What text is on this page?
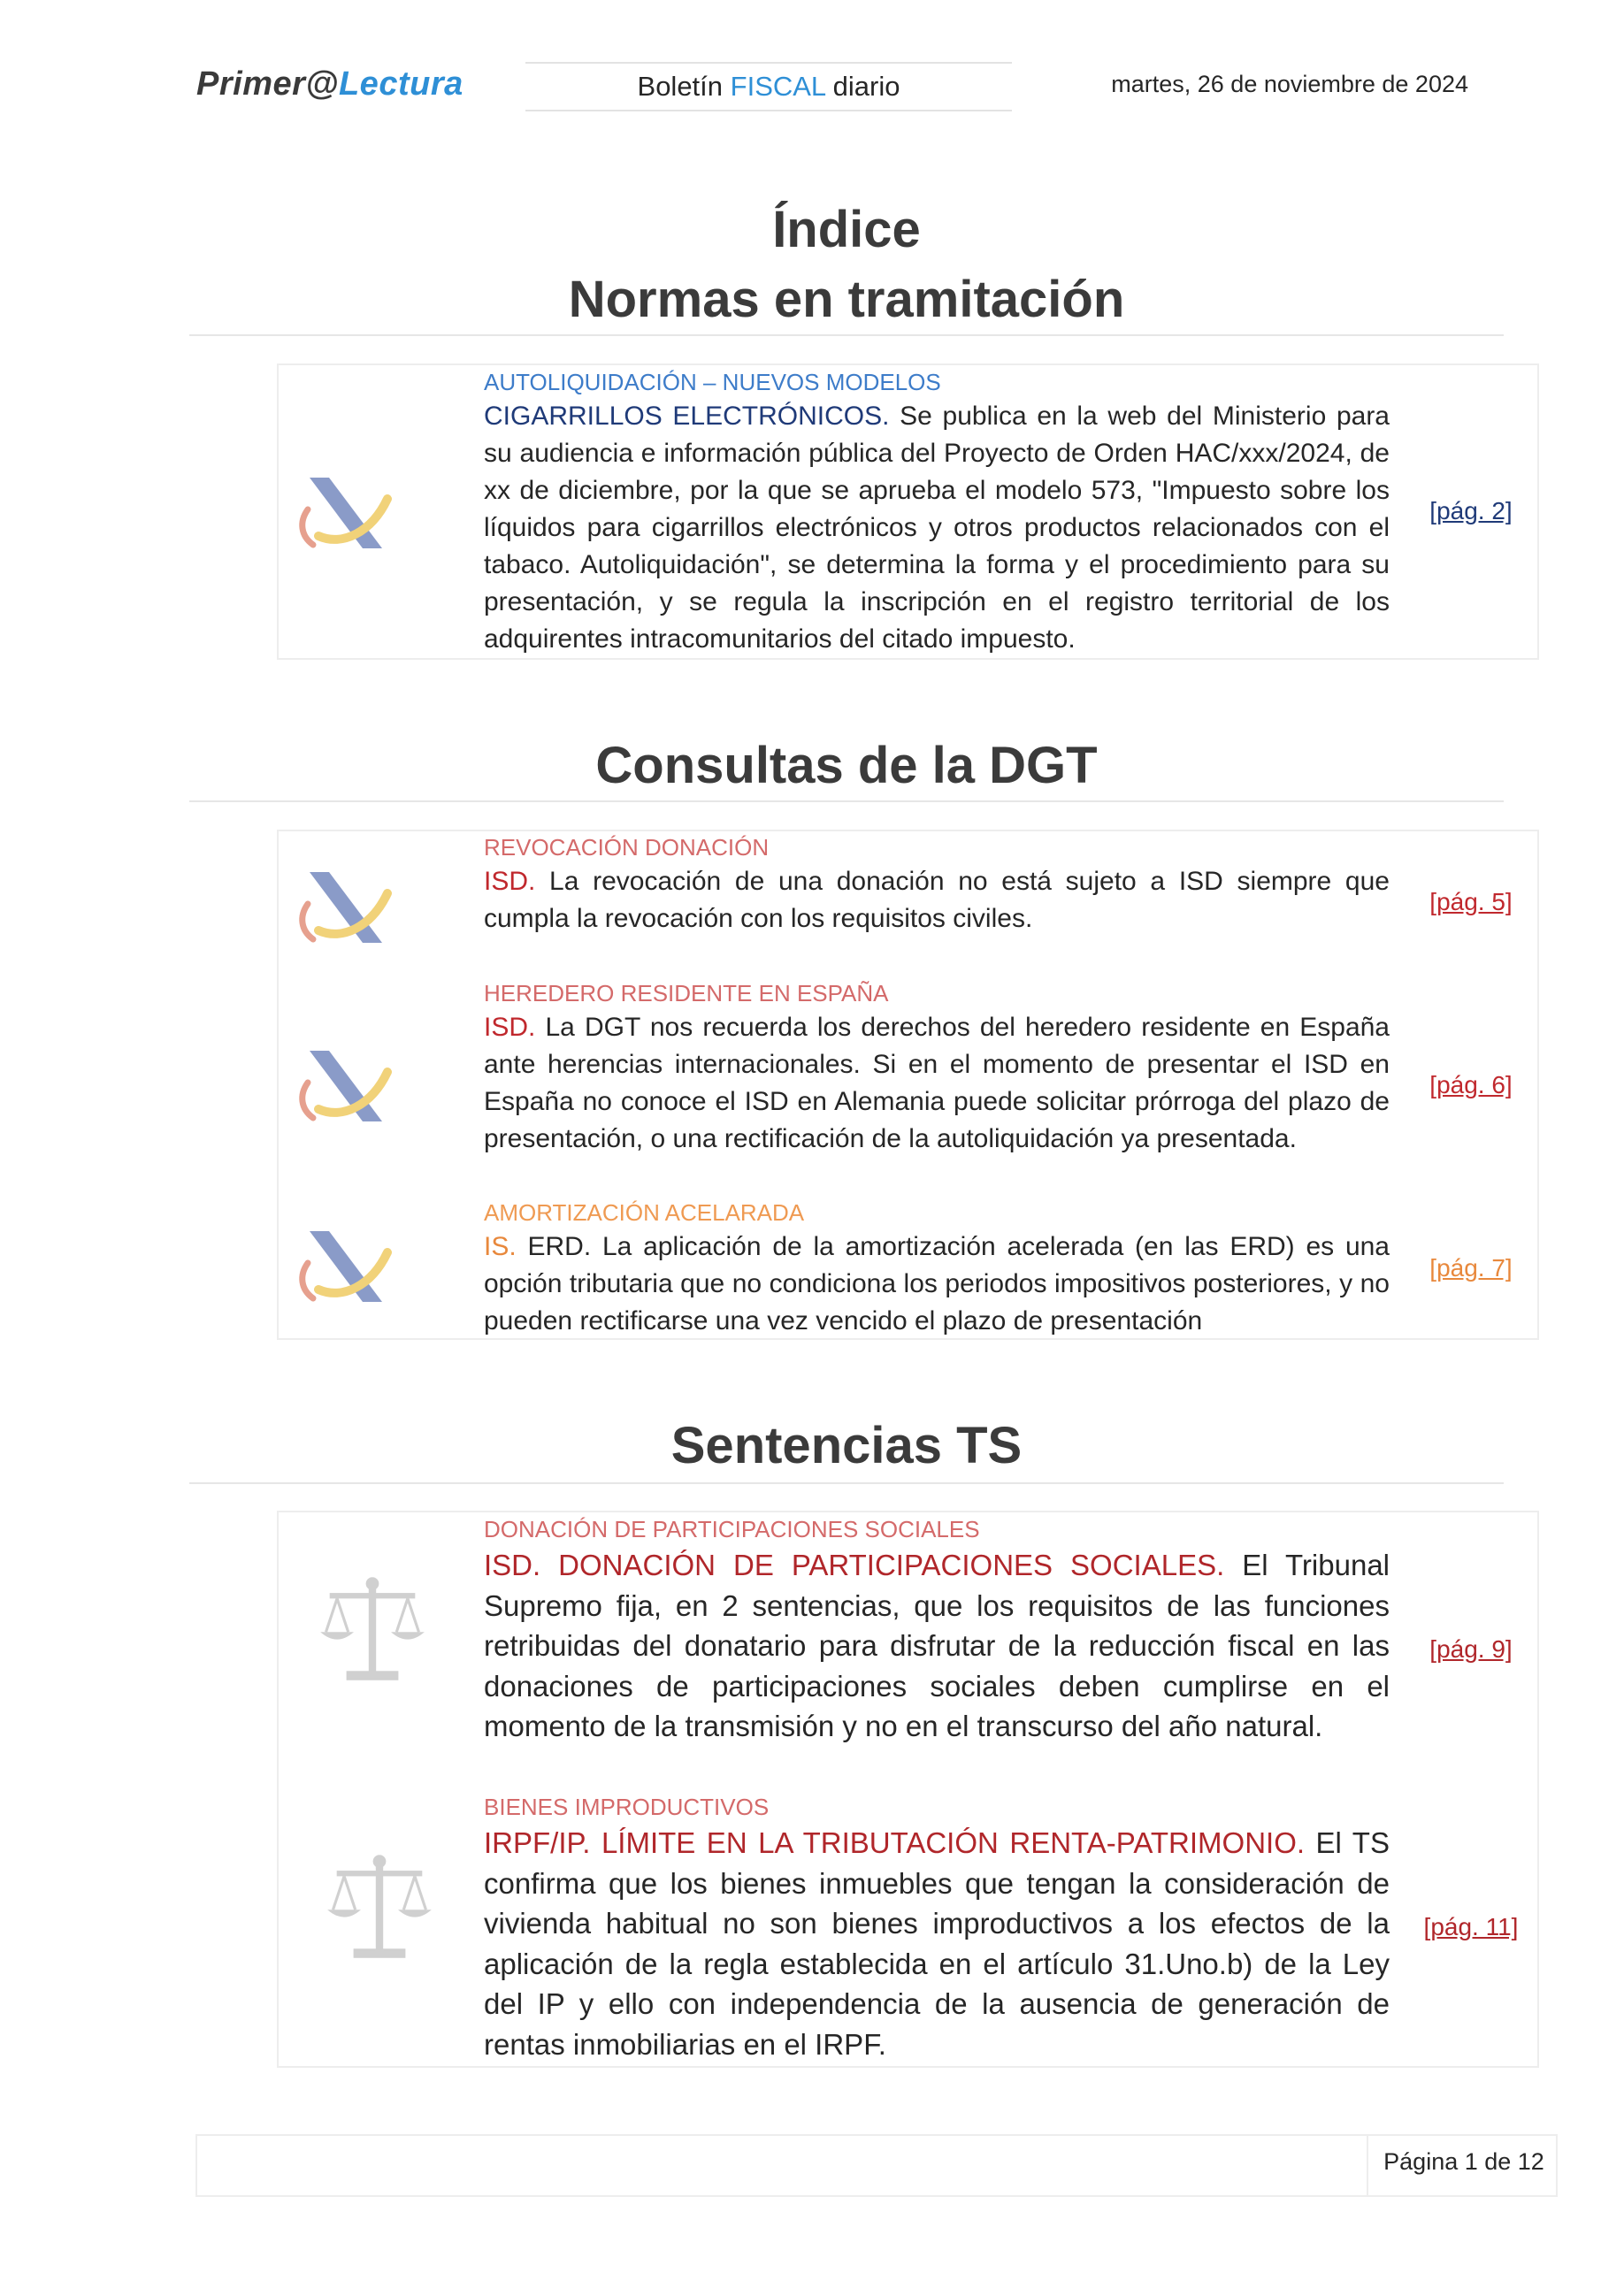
Primer@Lectura	Boletín FISCAL diario	martes, 26 de noviembre de 2024
Índice
Normas en tramitación
AUTOLIQUIDACIÓN – NUEVOS MODELOS
CIGARRILLOS ELECTRÓNICOS. Se publica en la web del Ministerio para su audiencia e información pública del Proyecto de Orden HAC/xxx/2024, de xx de diciembre, por la que se aprueba el modelo 573, "Impuesto sobre los líquidos para cigarrillos electrónicos y otros productos relacionados con el tabaco. Autoliquidación", se determina la forma y el procedimiento para su presentación, y se regula la inscripción en el registro territorial de los adquirentes intracomunitarios del citado impuesto.
[pág. 2]
Consultas de la DGT
REVOCACIÓN DONACIÓN
ISD. La revocación de una donación no está sujeto a ISD siempre que cumpla la revocación con los requisitos civiles.
[pág. 5]
HEREDERO RESIDENTE EN ESPAÑA
ISD. La DGT nos recuerda los derechos del heredero residente en España ante herencias internacionales. Si en el momento de presentar el ISD en España no conoce el ISD en Alemania puede solicitar prórroga del plazo de presentación, o una rectificación de la autoliquidación ya presentada.
[pág. 6]
AMORTIZACIÓN ACELARADA
IS. ERD. La aplicación de la amortización acelerada (en las ERD) es una opción tributaria que no condiciona los periodos impositivos posteriores, y no pueden rectificarse una vez vencido el plazo de presentación
[pág. 7]
Sentencias TS
DONACIÓN DE PARTICIPACIONES SOCIALES
ISD. DONACIÓN DE PARTICIPACIONES SOCIALES. El Tribunal Supremo fija, en 2 sentencias, que los requisitos de las funciones retribuidas del donatario para disfrutar de la reducción fiscal en las donaciones de participaciones sociales deben cumplirse en el momento de la transmisión y no en el transcurso del año natural.
[pág. 9]
BIENES IMPRODUCTIVOS
IRPF/IP. LÍMITE EN LA TRIBUTACIÓN RENTA-PATRIMONIO. El TS confirma que los bienes inmuebles que tengan la consideración de vivienda habitual no son bienes improductivos a los efectos de la aplicación de la regla establecida en el artículo 31.Uno.b) de la Ley del IP y ello con independencia de la ausencia de generación de rentas inmobiliarias en el IRPF.
[pág. 11]
Página 1 de 12
